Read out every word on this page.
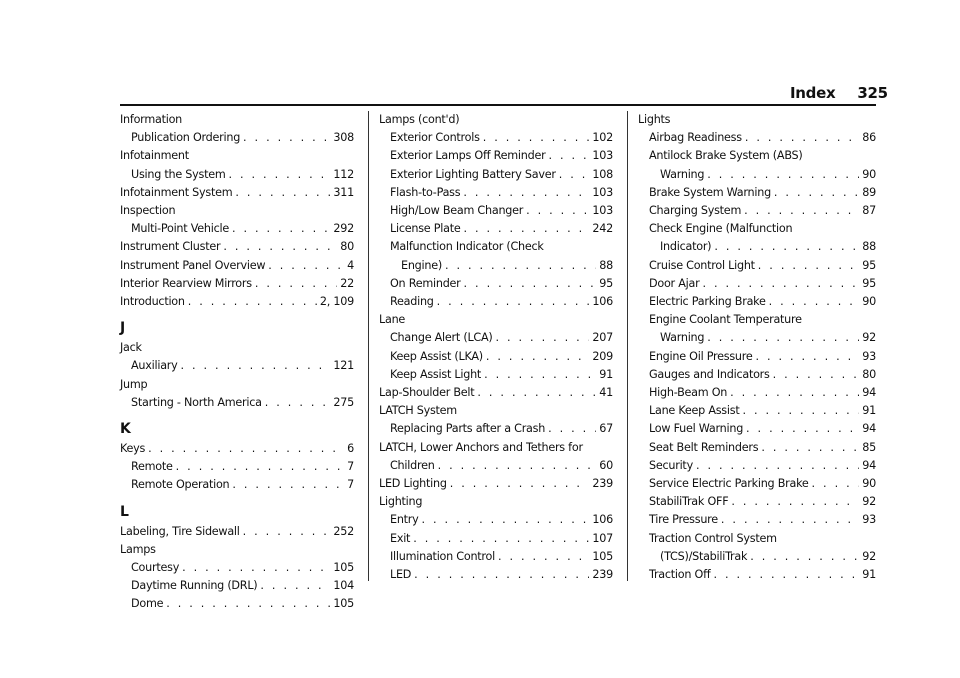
Index 325
Information
Publication Ordering . . .	308
Infotainment
Using the System . . .	112
Infotainment System . . .	311
Inspection
Multi-Point Vehicle . . .	292
Instrument Cluster . . .	80
Instrument Panel Overview . . .	4
Interior Rearview Mirrors . . .	22
Introduction . . .	2, 109
J
Jack
Auxiliary . . .	121
Jump
Starting - North America . . .	275
K
Keys . . .	6
Remote . . .	7
Remote Operation . . .	7
L
Labeling, Tire Sidewall . . .	252
Lamps
Courtesy . . .	105
Daytime Running (DRL) . . .	104
Dome . . .	105
Lamps (cont'd)
Exterior Controls . . .	102
Exterior Lamps Off Reminder . . .	103
Exterior Lighting Battery Saver . . .	108
Flash-to-Pass . . .	103
High/Low Beam Changer . . .	103
License Plate . . .	242
Malfunction Indicator (Check
Engine) . . .	88
On Reminder . . .	95
Reading . . .	106
Lane
Change Alert (LCA) . . .	207
Keep Assist (LKA) . . .	209
Keep Assist Light . . .	91
Lap-Shoulder Belt . . .	41
LATCH System
Replacing Parts after a Crash . . .	67
LATCH, Lower Anchors and Tethers for
Children . . .	60
LED Lighting . . .	239
Lighting
Entry . . .	106
Exit . . .	107
Illumination Control . . .	105
LED . . .	239
Lights
Airbag Readiness . . .	86
Antilock Brake System (ABS)
Warning . . .	90
Brake System Warning . . .	89
Charging System . . .	87
Check Engine (Malfunction
Indicator) . . .	88
Cruise Control Light . . .	95
Door Ajar . . .	95
Electric Parking Brake . . .	90
Engine Coolant Temperature
Warning . . .	92
Engine Oil Pressure . . .	93
Gauges and Indicators . . .	80
High-Beam On . . .	94
Lane Keep Assist . . .	91
Low Fuel Warning . . .	94
Seat Belt Reminders . . .	85
Security . . .	94
Service Electric Parking Brake . . .	90
StabiliTrak OFF . . .	92
Tire Pressure . . .	93
Traction Control System
(TCS)/StabiliTrak . . .	92
Traction Off . . .	91
